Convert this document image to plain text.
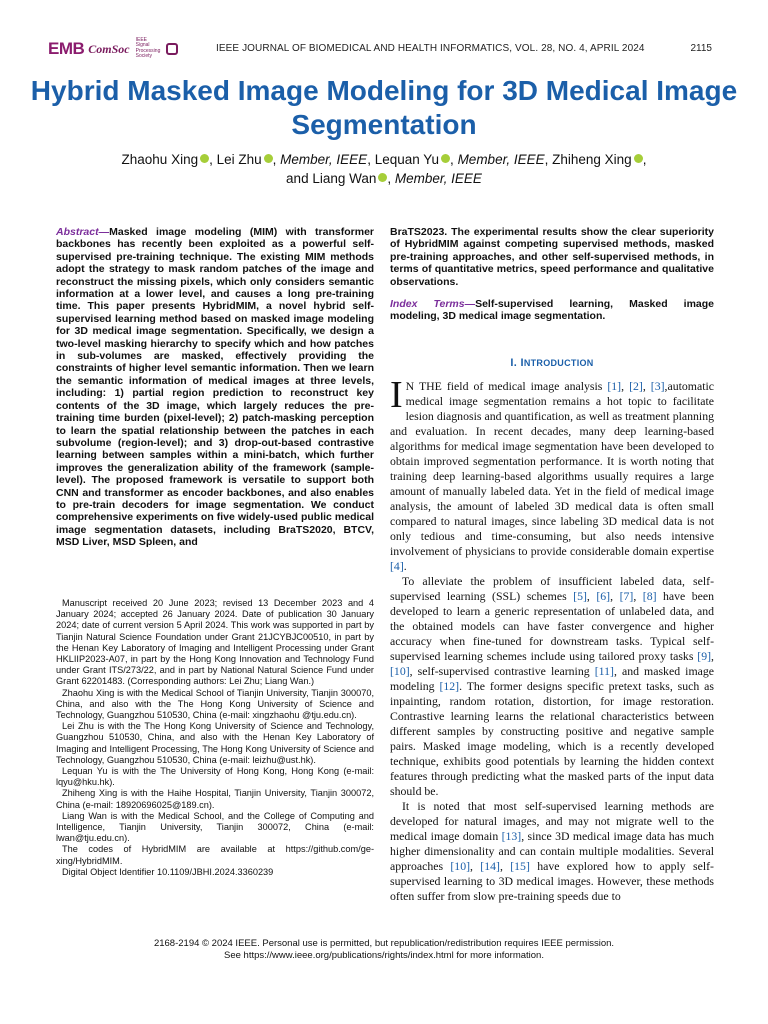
EMB ComSoc
IEEE
Signal
Processing
Society
IEEE JOURNAL OF BIOMEDICAL AND HEALTH INFORMATICS, VOL. 28, NO. 4, APRIL 2024	2115
Hybrid Masked Image Modeling for 3D Medical Image Segmentation
Zhaohu Xing , Lei Zhu , Member, IEEE, Lequan Yu , Member, IEEE, Zhiheng Xing ,
and Liang Wan , Member, IEEE

Abstract—Masked image modeling (MIM) with transformer backbones has recently been exploited as a powerful self-supervised pre-training technique. The existing MIM methods adopt the strategy to mask random patches of the image and reconstruct the missing pixels, which only considers semantic information at a lower level, and causes a long pre-training time. This paper presents HybridMIM, a novel hybrid self-supervised learning method based on masked image modeling for 3D medical image segmentation. Specifically, we design a two-level masking hierarchy to specify which and how patches in sub-volumes are masked, effectively providing the constraints of higher level semantic information. Then we learn the semantic information of medical images at three levels, including: 1) partial region prediction to reconstruct key contents of the 3D image, which largely reduces the pre-training time burden (pixel-level); 2) patch-masking perception to learn the spatial relationship between the patches in each subvolume (region-level); and 3) drop-out-based contrastive learning between samples within a mini-batch, which further improves the generalization ability of the framework (sample-level). The proposed framework is versatile to support both CNN and transformer as encoder backbones, and also enables to pre-train decoders for image segmentation. We conduct comprehensive experiments on five widely-used public medical image segmentation datasets, including BraTS2020, BTCV, MSD Liver, MSD Spleen, and

Manuscript received 20 June 2023; revised 13 December 2023 and 4 January 2024; accepted 26 January 2024. Date of publication 30 January 2024; date of current version 5 April 2024. This work was supported in part by Tianjin Natural Science Foundation under Grant 21JCYBJC00510, in part by the Henan Key Laboratory of Imaging and Intelligent Processing under Grant HKLIIP2023-A07, in part by the Hong Kong Innovation and Technology Fund under Grant ITS/273/22, and in part by National Natural Science Fund under Grant 62201483. (Corresponding authors: Lei Zhu; Liang Wan.)

Zhaohu Xing is with the Medical School of Tianjin University, Tianjin 300070, China, and also with the The Hong Kong University of Science and Technology, Guangzhou 510530, China (e-mail: xingzhaohu @tju.edu.cn).

Lei Zhu is with the The Hong Kong University of Science and Technology, Guangzhou 510530, China, and also with the Henan Key Laboratory of Imaging and Intelligent Processing, The Hong Kong University of Science and Technology, Guangzhou 510530, China (e-mail: leizhu@ust.hk).

Lequan Yu is with the The University of Hong Kong, Hong Kong (e-mail: lqyu@hku.hk).

Zhiheng Xing is with the Haihe Hospital, Tianjin University, Tianjin 300072, China (e-mail: 18920696025@189.cn).

Liang Wan is with the Medical School, and the College of Computing and Intelligence, Tianjin University, Tianjin 300072, China (e-mail: lwan@tju.edu.cn).

The codes of HybridMIM are available at https://github.com/ge-xing/HybridMIM.

Digital Object Identifier 10.1109/JBHI.2024.3360239

BraTS2023. The experimental results show the clear superiority of HybridMIM against competing supervised methods, masked pre-training approaches, and other self-supervised methods, in terms of quantitative metrics, speed performance and qualitative observations.

Index Terms—Self-supervised learning, Masked image modeling, 3D medical image segmentation.

I. INTRODUCTION

I N THE field of medical image analysis [1], [2], [3],automatic medical image segmentation remains a hot topic to facilitate lesion diagnosis and quantification, as well as treatment planning and evaluation. In recent decades, many deep learning-based algorithms for medical image segmentation have been developed to obtain improved segmentation performance. It is worth noting that training deep learning-based algorithms usually requires a large amount of manually labeled data. Yet in the field of medical image analysis, the amount of labeled 3D medical data is often small compared to natural images, since labeling 3D medical data is not only tedious and time-consuming, but also needs intensive involvement of physicians to provide considerable domain expertise [4].

To alleviate the problem of insufficient labeled data, self-supervised learning (SSL) schemes [5], [6], [7], [8] have been developed to learn a generic representation of unlabeled data, and the obtained models can have faster convergence and higher accuracy when fine-tuned for downstream tasks. Typical self-supervised learning schemes include using tailored proxy tasks [9], [10], self-supervised contrastive learning [11], and masked image modeling [12]. The former designs specific pretext tasks, such as inpainting, random rotation, distortion, for image restoration. Contrastive learning learns the relational characteristics between different samples by constructing positive and negative sample pairs. Masked image modeling, which is a recently developed technique, exhibits good potentials by learning the hidden context features through predicting what the masked parts of the input data should be.

It is noted that most self-supervised learning methods are developed for natural images, and may not migrate well to the medical image domain [13], since 3D medical image data has much higher dimensionality and can contain multiple modalities. Several approaches [10], [14], [15] have explored how to apply self-supervised learning to 3D medical images. However, these methods often suffer from slow pre-training speeds due to

2168-2194 © 2024 IEEE. Personal use is permitted, but republication/redistribution requires IEEE permission.
See https://www.ieee.org/publications/rights/index.html for more information.
